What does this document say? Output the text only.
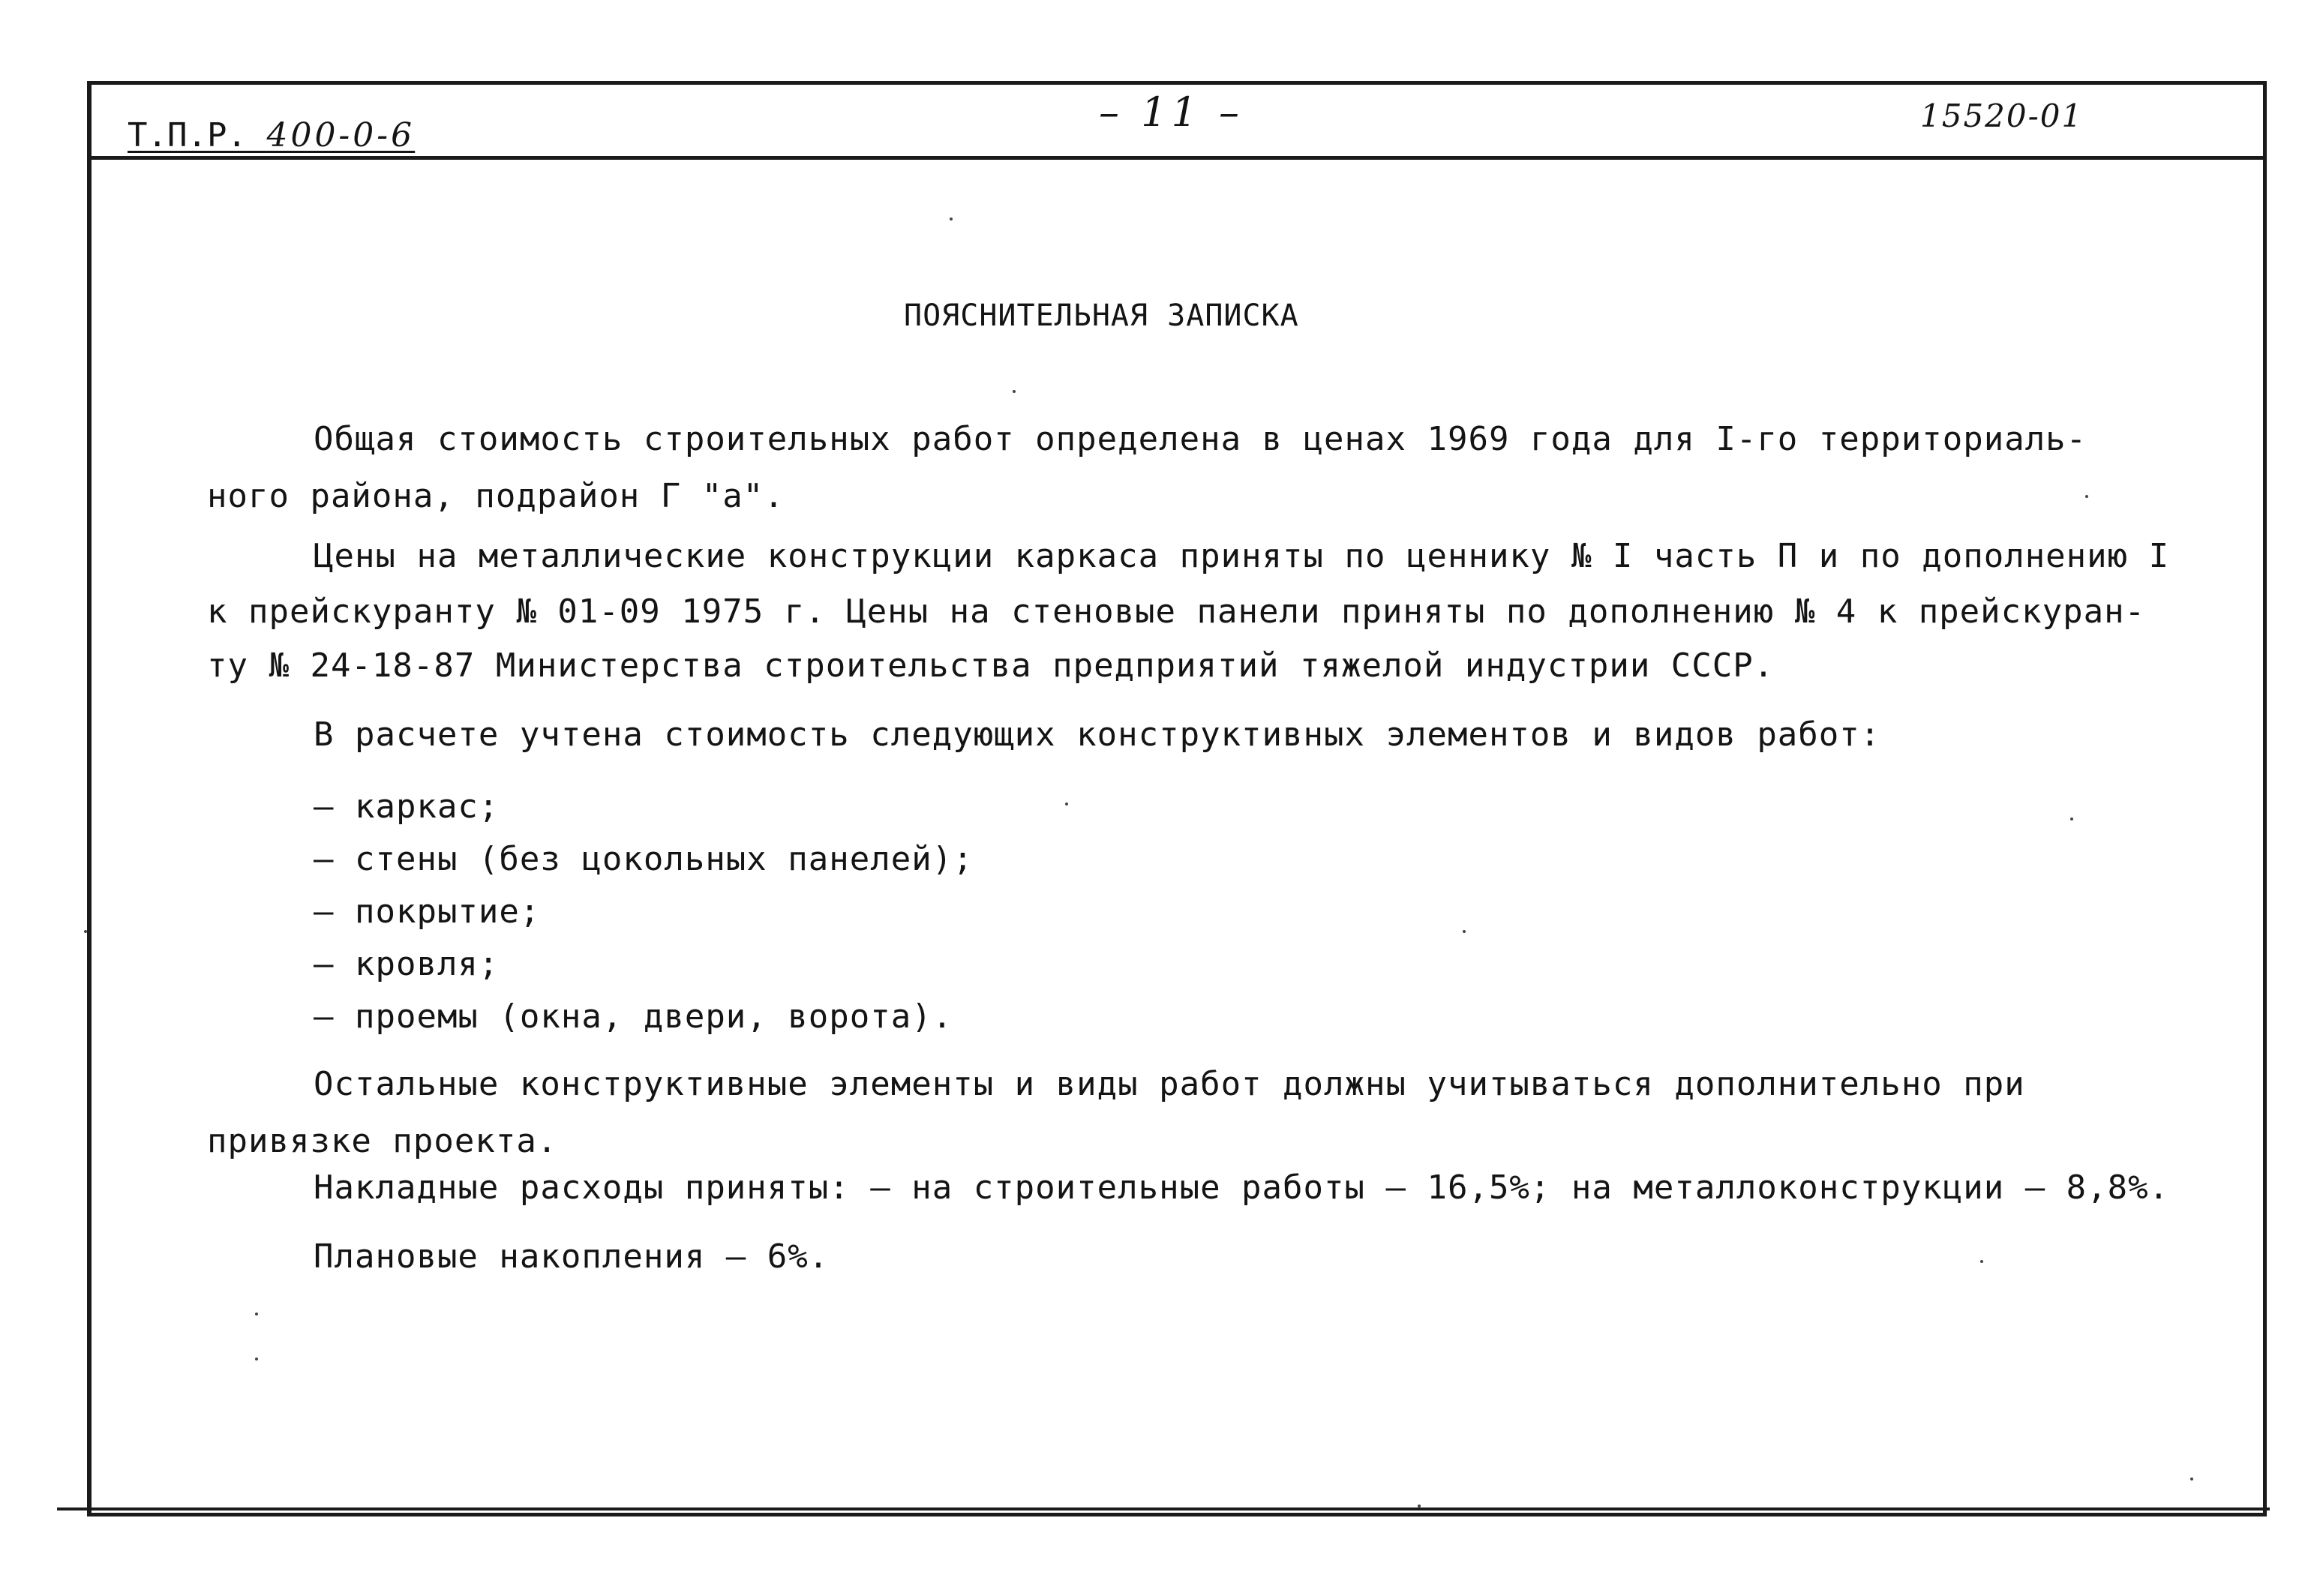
Т.П.Р. 400-0-6	– 11 –	15520-01
ПОЯСНИТЕЛЬНАЯ ЗАПИСКА
Общая стоимость строительных работ определена в ценах 1969 года для I-го территориаль-
ного района, подрайон Г "а".
Цены на металлические конструкции каркаса приняты по ценнику № I часть П и по дополнению I
к прейскуранту № 01-09 1975 г. Цены на стеновые панели приняты по дополнению № 4 к прейскуран-
ту № 24-18-87 Министерства строительства предприятий тяжелой индустрии СССР.
В расчете учтена стоимость следующих конструктивных элементов и видов работ:
– каркас;
– стены (без цокольных панелей);
– покрытие;
– кровля;
– проемы (окна, двери, ворота).
Остальные конструктивные элементы и виды работ должны учитываться дополнительно при
привязке проекта.
Накладные расходы приняты: – на строительные работы – 16,5%; на металлоконструкции – 8,8%.
Плановые накопления – 6%.
